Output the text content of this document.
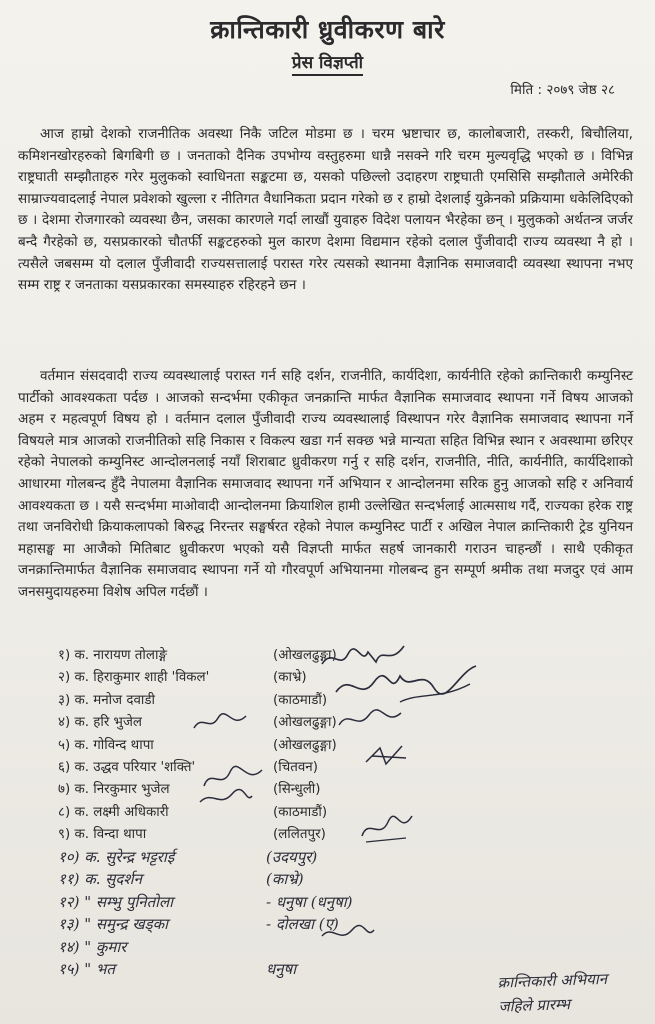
क्रान्तिकारी ध्रुवीकरण बारे
प्रेस विज्ञप्ती
मिति : २०७९ जेष्ठ २८

आज हाम्रो देशको राजनीतिक अवस्था निकै जटिल मोडमा छ । चरम भ्रष्टाचार छ, कालोबजारी, तस्करी, बिचौलिया, कमिशनखोरहरुको बिगबिगी छ । जनताको दैनिक उपभोग्य वस्तुहरुमा धान्नै नसक्ने गरि चरम मुल्यवृद्धि भएको छ । विभिन्न राष्ट्रघाती सम्झौताहरु गरेर मुलुकको स्वाधिनता सङ्कटमा छ, यसको पछिल्लो उदाहरण राष्ट्रघाती एमसिसि सम्झौताले अमेरिकी साम्राज्यवादलाई नेपाल प्रवेशको खुल्ला र नीतिगत वैधानिकता प्रदान गरेको छ र हाम्रो देशलाई युक्रेनको प्रक्रियामा धकेलिदिएको छ । देशमा रोजगारको व्यवस्था छैन, जसका कारणले गर्दा लाखौं युवाहरु विदेश पलायन भैरहेका छन् । मुलुकको अर्थतन्त्र जर्जर बन्दै गैरहेको छ, यसप्रकारको चौतर्फी सङ्कटहरुको मुल कारण देशमा विद्यमान रहेको दलाल पुँजीवादी राज्य व्यवस्था नै हो । त्यसैले जबसम्म यो दलाल पुँजीवादी राज्यसत्तालाई परास्त गरेर त्यसको स्थानमा वैज्ञानिक समाजवादी व्यवस्था स्थापना नभए सम्म राष्ट्र र जनताका यसप्रकारका समस्याहरु रहिरहने छन ।

वर्तमान संसदवादी राज्य व्यवस्थालाई परास्त गर्न सहि दर्शन, राजनीति, कार्यदिशा, कार्यनीति रहेको क्रान्तिकारी कम्युनिस्ट पार्टीको आवश्यकता पर्दछ । आजको सन्दर्भमा एकीकृत जनक्रान्ति मार्फत वैज्ञानिक समाजवाद स्थापना गर्ने विषय आजको अहम र महत्वपूर्ण विषय हो । वर्तमान दलाल पुँजीवादी राज्य व्यवस्थालाई विस्थापन गरेर वैज्ञानिक समाजवाद स्थापना गर्ने विषयले मात्र आजको राजनीतिको सहि निकास र विकल्प खडा गर्न सक्छ भन्ने मान्यता सहित विभिन्न स्थान र अवस्थामा छरिएर रहेको नेपालको कम्युनिस्ट आन्दोलनलाई नयाँ शिराबाट ध्रुवीकरण गर्नु र सहि दर्शन, राजनीति, नीति, कार्यनीति, कार्यदिशाको आधारमा गोलबन्द हुँदै नेपालमा वैज्ञानिक समाजवाद स्थापना गर्ने अभियान र आन्दोलनमा सरिक हुनु आजको सहि र अनिवार्य आवश्यकता छ । यसै सन्दर्भमा माओवादी आन्दोलनमा क्रियाशिल हामी उल्लेखित सन्दर्भलाई आत्मसाथ गर्दै, राज्यका हरेक राष्ट्र तथा जनविरोधी क्रियाकलापको बिरुद्ध निरन्तर सङ्घर्षरत रहेको नेपाल कम्युनिस्ट पार्टी र अखिल नेपाल क्रान्तिकारी ट्रेड युनियन महासङ्घ मा आजैको मितिबाट ध्रुवीकरण भएको यसै विज्ञप्ती मार्फत सहर्ष जानकारी गराउन चाहन्छौं । साथै एकीकृत जनक्रान्तिमार्फत वैज्ञानिक समाजवाद स्थापना गर्ने यो गौरवपूर्ण अभियानमा गोलबन्द हुन सम्पूर्ण श्रमीक तथा मजदुर एवं आम जनसमुदायहरुमा विशेष अपिल गर्दछौं ।

१) क. नारायण तोलाङ्गे	(ओखलढुङ्गा)
२) क. हिराकुमार शाही 'विकल'	(काभ्रे)
३) क. मनोज दवाडी	(काठमाडौं)
४) क. हरि भुजेल	(ओखलढुङ्गा)
५) क. गोविन्द थापा	(ओखलढुङ्गा)
६) क. उद्धव परियार 'शक्ति'	(चितवन)
७) क. निरकुमार भुजेल	(सिन्धुली)
८) क. लक्ष्मी अधिकारी	(काठमाडौं)
९) क. विन्दा थापा	(ललितपुर)
१०) क. सुरेन्द्र भट्टराई	(उदयपुर)
११) क. सुदर्शन	(काभ्रे)
१२) " सम्भु पुनितोला	- धनुषा (धनुषा)
१३) " समुन्द्र खड्का	- दोलखा (ए)
१४) " कुमार
१५) " भत	धनुषा
क्रान्तिकारी अभियान
जहिले प्रारम्भ
